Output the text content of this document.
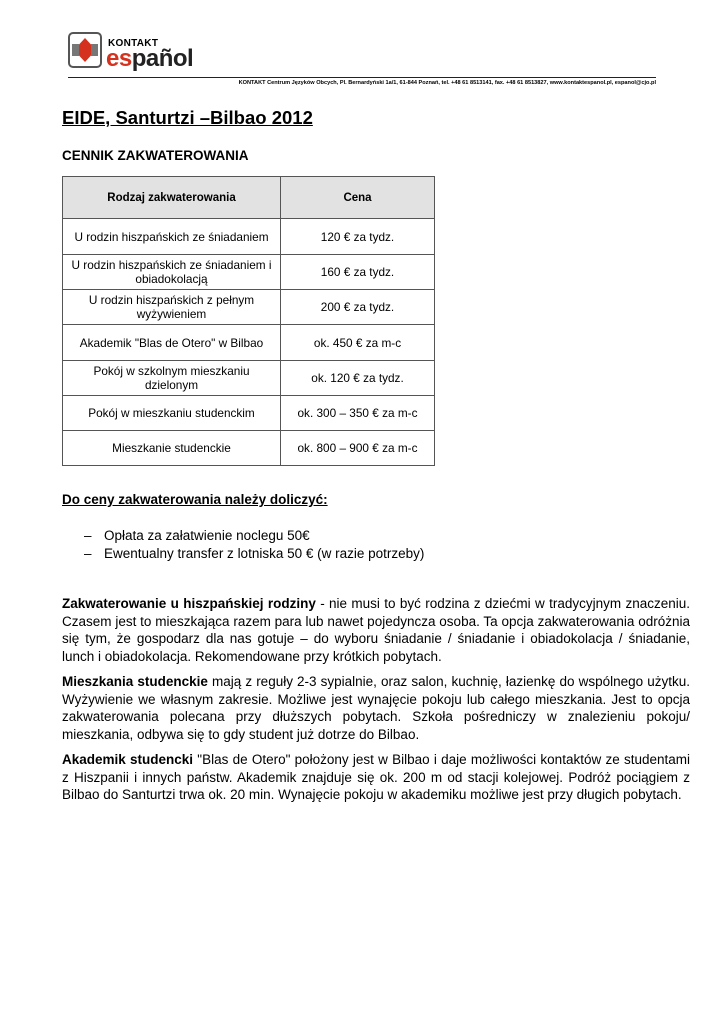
KONTAKT
español
KONTAKT Centrum Języków Obcych, Pl. Bernardyński 1a/1, 61-844 Poznań, tel. +48 61 8513141, fax. +48 61 8513827, www.kontaktespanol.pl, espanol@cjo.pl
EIDE, Santurtzi –Bilbao 2012
CENNIK ZAKWATEROWANIA
Rodzaj zakwaterowania	Cena
U rodzin hiszpańskich ze śniadaniem	120 € za tydz.
U rodzin hiszpańskich ze śniadaniem i obiadokolacją	160 € za tydz.
U rodzin hiszpańskich z pełnym wyżywieniem	200 € za tydz.
Akademik "Blas de Otero" w Bilbao	ok. 450 € za m-c
Pokój w szkolnym mieszkaniu dzielonym	ok. 120 € za tydz.
Pokój w mieszkaniu studenckim	ok. 300 – 350 € za m-c
Mieszkanie studenckie	ok. 800 – 900 € za m-c
Do ceny zakwaterowania należy doliczyć:
– Opłata za załatwienie noclegu 50€
– Ewentualny transfer z lotniska 50 € (w razie potrzeby)

Zakwaterowanie u hiszpańskiej rodziny - nie musi to być rodzina z dziećmi w tradycyjnym znaczeniu. Czasem jest to mieszkająca razem para lub nawet pojedyncza osoba. Ta opcja zakwaterowania odróżnia się tym, że gospodarz dla nas gotuje – do wyboru śniadanie / śniadanie i obiadokolacja / śniadanie, lunch i obiadokolacja. Rekomendowane przy krótkich pobytach.

Mieszkania studenckie mają z reguły 2-3 sypialnie, oraz salon, kuchnię, łazienkę do wspólnego użytku. Wyżywienie we własnym zakresie. Możliwe jest wynajęcie pokoju lub całego mieszkania. Jest to opcja zakwaterowania polecana przy dłuższych pobytach. Szkoła pośredniczy w znalezieniu pokoju/ mieszkania, odbywa się to gdy student już dotrze do Bilbao.

Akademik studencki "Blas de Otero" położony jest w Bilbao i daje możliwości kontaktów ze studentami z Hiszpanii i innych państw. Akademik znajduje się ok. 200 m od stacji kolejowej. Podróż pociągiem z Bilbao do Santurtzi trwa ok. 20 min. Wynajęcie pokoju w akademiku możliwe jest przy długich pobytach.
